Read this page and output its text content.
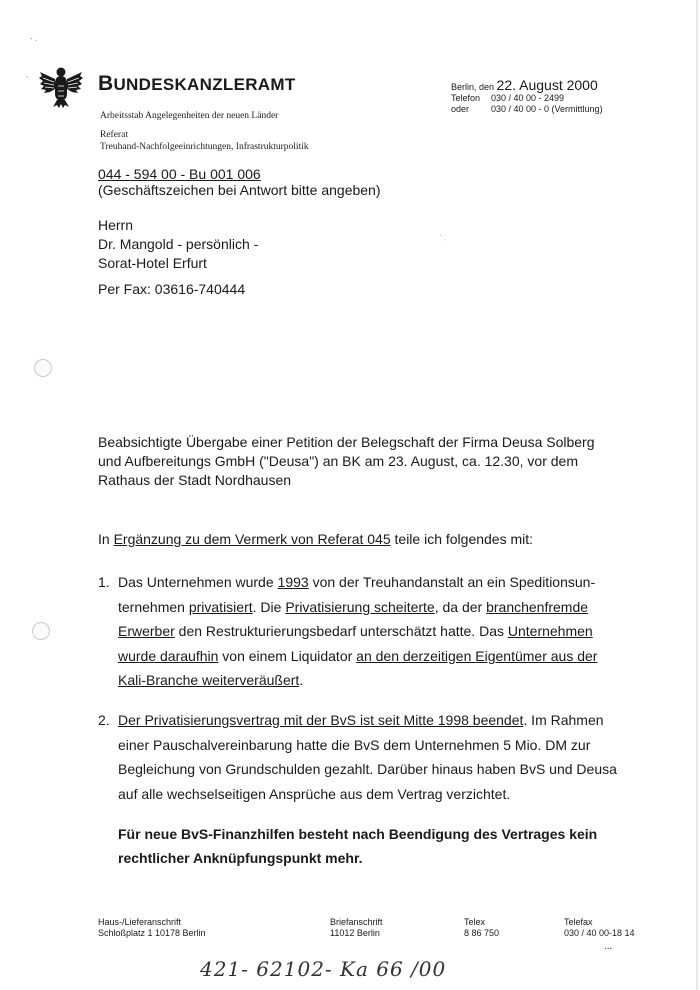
- .
,
' ;
BUNDESKANZLERAMT
Arbeitsstab Angelegenheiten der neuen Länder
Referat
Treuhand-Nachfolgeeinrichtungen, Infrastrukturpolitik
Berlin, den 22. August 2000
Telefon 030 / 40 00 - 2499
oder 030 / 40 00 - 0 (Vermittlung)
044 - 594 00 - Bu 001 006
(Geschäftszeichen bei Antwort bitte angeben)
Herrn
Dr. Mangold - persönlich -
Sorat-Hotel Erfurt
Per Fax: 03616-740444
Beabsichtigte Übergabe einer Petition der Belegschaft der Firma Deusa Solberg und Aufbereitungs GmbH ("Deusa") an BK am 23. August, ca. 12.30, vor dem Rathaus der Stadt Nordhausen
In Ergänzung zu dem Vermerk von Referat 045 teile ich folgendes mit:
1. Das Unternehmen wurde 1993 von der Treuhandanstalt an ein Speditionsunternehmen privatisiert. Die Privatisierung scheiterte, da der branchenfremde Erwerber den Restrukturierungsbedarf unterschätzt hatte. Das Unternehmen wurde daraufhin von einem Liquidator an den derzeitigen Eigentümer aus der Kali-Branche weiterveräußert.
2. Der Privatisierungsvertrag mit der BvS ist seit Mitte 1998 beendet. Im Rahmen einer Pauschalvereinbarung hatte die BvS dem Unternehmen 5 Mio. DM zur Begleichung von Grundschulden gezahlt. Darüber hinaus haben BvS und Deusa auf alle wechselseitigen Ansprüche aus dem Vertrag verzichtet.
Für neue BvS-Finanzhilfen besteht nach Beendigung des Vertrages kein rechtlicher Anknüpfungspunkt mehr.
Haus-/Lieferanschrift
Schloßplatz 1 10178 Berlin
Briefanschrift
11012 Berlin
Telex
8 86 750
Telefax
030 / 40 00-18 14
...
421- 62102- Ka 66 /00
